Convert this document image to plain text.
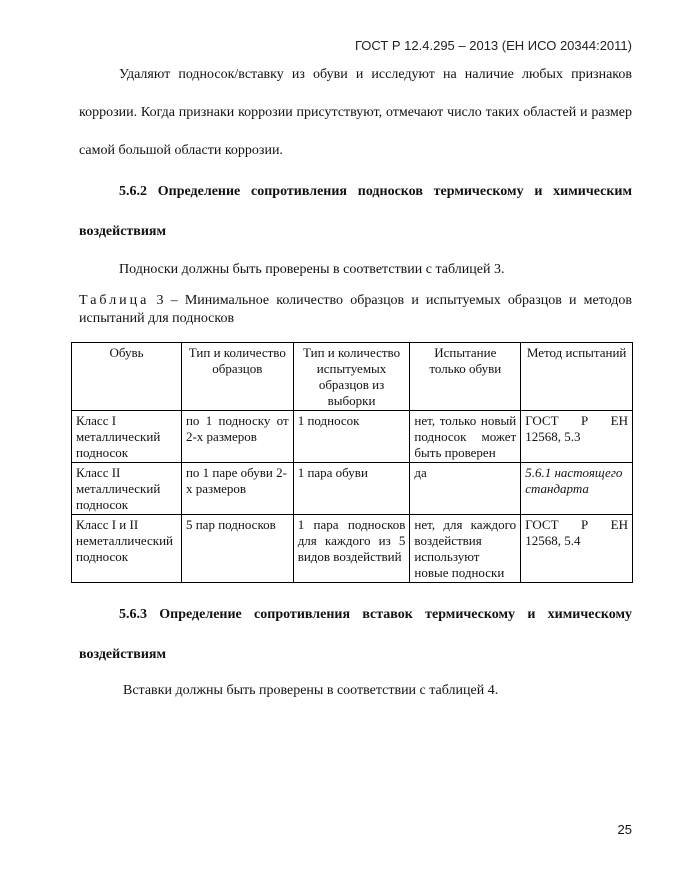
ГОСТ Р 12.4.295 – 2013 (ЕН ИСО 20344:2011)

Удаляют подносок/вставку из обуви и исследуют на наличие любых признаков коррозии. Когда признаки коррозии присутствуют, отмечают число таких областей и размер самой большой области коррозии.

5.6.2 Определение сопротивления подносков термическому и химическим воздействиям

Подноски должны быть проверены в соответствии с таблицей 3.

Таблица 3 – Минимальное количество образцов и испытуемых образцов и методов испытаний для подносков

Обувь	Тип и количество образцов	Тип и количество испытуемых образцов из выборки	Испытание только обуви	Метод испытаний
Класс I металлический подносок	по 1 подноску от 2-х размеров	1 подносок	нет, только новый подносок может быть проверен	ГОСТ Р ЕН 12568, 5.3
Класс II металлический подносок	по 1 паре обуви 2-х размеров	1 пара обуви	да	5.6.1 настоящего стандарта
Класс I и II неметаллический подносок	5 пар подносков	1 пара подносков для каждого из 5 видов воздействий	нет, для каждого воздействия используют новые подноски	ГОСТ Р ЕН 12568, 5.4

5.6.3 Определение сопротивления вставок термическому и химическому воздействиям

Вставки должны быть проверены в соответствии с таблицей 4.

25
